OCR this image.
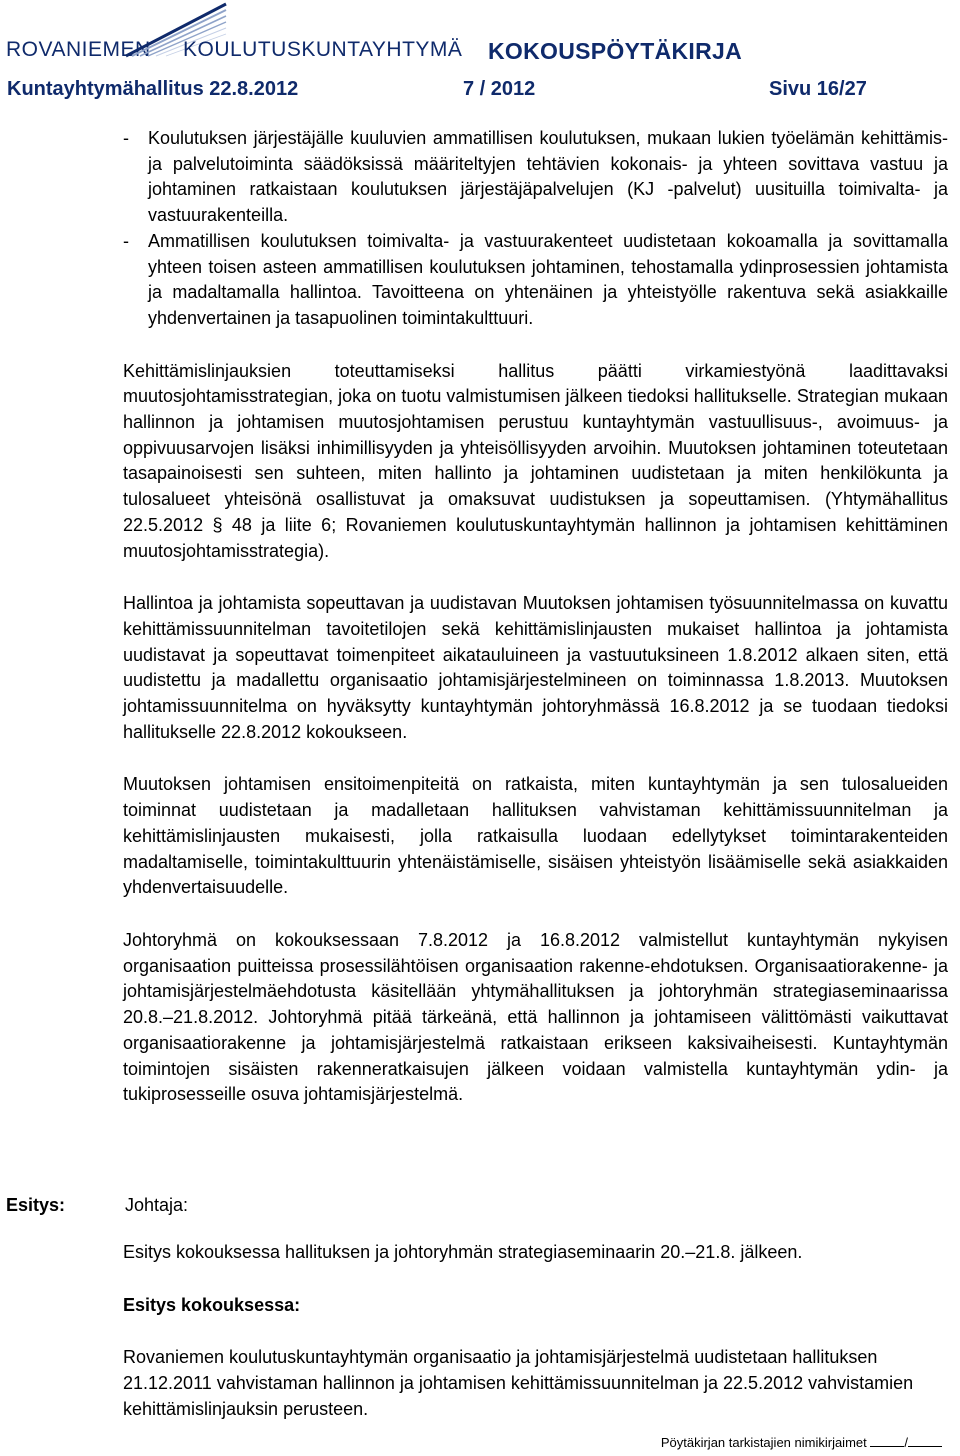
ROVANIEMEN KOULUTUSKUNTAYHTYMÄ KOKOUSPÖYTÄKIRJA
Kuntayhtymähallitus 22.8.2012	7 / 2012	Sivu 16/27

- Koulutuksen järjestäjälle kuuluvien ammatillisen koulutuksen, mukaan lukien työelämän kehittämis- ja palvelutoiminta säädöksissä määriteltyjen tehtävien kokonais- ja yhteen sovittava vastuu ja johtaminen ratkaistaan koulutuksen järjestäjäpalvelujen (KJ -palvelut) uusituilla toimivalta- ja vastuurakenteilla.

- Ammatillisen koulutuksen toimivalta- ja vastuurakenteet uudistetaan kokoamalla ja sovittamalla yhteen toisen asteen ammatillisen koulutuksen johtaminen, tehostamalla ydinprosessien johtamista ja madaltamalla hallintoa. Tavoitteena on yhtenäinen ja yhteistyölle rakentuva sekä asiakkaille yhdenvertainen ja tasapuolinen toimintakulttuuri.

Kehittämislinjauksien toteuttamiseksi hallitus päätti virkamiestyönä laadittavaksi muutosjohtamisstrategian, joka on tuotu valmistumisen jälkeen tiedoksi hallitukselle. Strategian mukaan hallinnon ja johtamisen muutosjohtamisen perustuu kuntayhtymän vastuullisuus-, avoimuus- ja oppivuusarvojen lisäksi inhimillisyyden ja yhteisöllisyyden arvoihin. Muutoksen johtaminen toteutetaan tasapainoisesti sen suhteen, miten hallinto ja johtaminen uudistetaan ja miten henkilökunta ja tulosalueet yhteisönä osallistuvat ja omaksuvat uudistuksen ja sopeuttamisen. (Yhtymähallitus 22.5.2012 § 48 ja liite 6; Rovaniemen koulutuskuntayhtymän hallinnon ja johtamisen kehittäminen muutosjohtamisstrategia).

Hallintoa ja johtamista sopeuttavan ja uudistavan Muutoksen johtamisen työsuunnitelmassa on kuvattu kehittämissuunnitelman tavoitetilojen sekä kehittämislinjausten mukaiset hallintoa ja johtamista uudistavat ja sopeuttavat toimenpiteet aikatauluineen ja vastuutuksineen 1.8.2012 alkaen siten, että uudistettu ja madallettu organisaatio johtamisjärjestelmineen on toiminnassa 1.8.2013. Muutoksen johtamissuunnitelma on hyväksytty kuntayhtymän johtoryhmässä 16.8.2012 ja se tuodaan tiedoksi hallitukselle 22.8.2012 kokoukseen.

Muutoksen johtamisen ensitoimenpiteitä on ratkaista, miten kuntayhtymän ja sen tulosalueiden toiminnat uudistetaan ja madalletaan hallituksen vahvistaman kehittämissuunnitelman ja kehittämislinjausten mukaisesti, jolla ratkaisulla luodaan edellytykset toimintarakenteiden madaltamiselle, toimintakulttuurin yhtenäistämiselle, sisäisen yhteistyön lisäämiselle sekä asiakkaiden yhdenvertaisuudelle.

Johtoryhmä on kokouksessaan 7.8.2012 ja 16.8.2012 valmistellut kuntayhtymän nykyisen organisaation puitteissa prosessilähtöisen organisaation rakenne-ehdotuksen. Organisaatiorakenne- ja johtamisjärjestelmäehdotusta käsitellään yhtymähallituksen ja johtoryhmän strategiaseminaarissa 20.8.–21.8.2012. Johtoryhmä pitää tärkeänä, että hallinnon ja johtamiseen välittömästi vaikuttavat organisaatiorakenne ja johtamisjärjestelmä ratkaistaan erikseen kaksivaiheisesti. Kuntayhtymän toimintojen sisäisten rakenneratkaisujen jälkeen voidaan valmistella kuntayhtymän ydin- ja tukiprosesseille osuva johtamisjärjestelmä.

Esitys:	Johtaja:

Esitys kokouksessa hallituksen ja johtoryhmän strategiaseminaarin 20.–21.8. jälkeen.

Esitys kokouksessa:

Rovaniemen koulutuskuntayhtymän organisaatio ja johtamisjärjestelmä uudistetaan hallituksen 21.12.2011 vahvistaman hallinnon ja johtamisen kehittämissuunnitelman ja 22.5.2012 vahvistamien kehittämislinjauksin perusteen.

Pöytäkirjan tarkistajien nimikirjaimet	/
